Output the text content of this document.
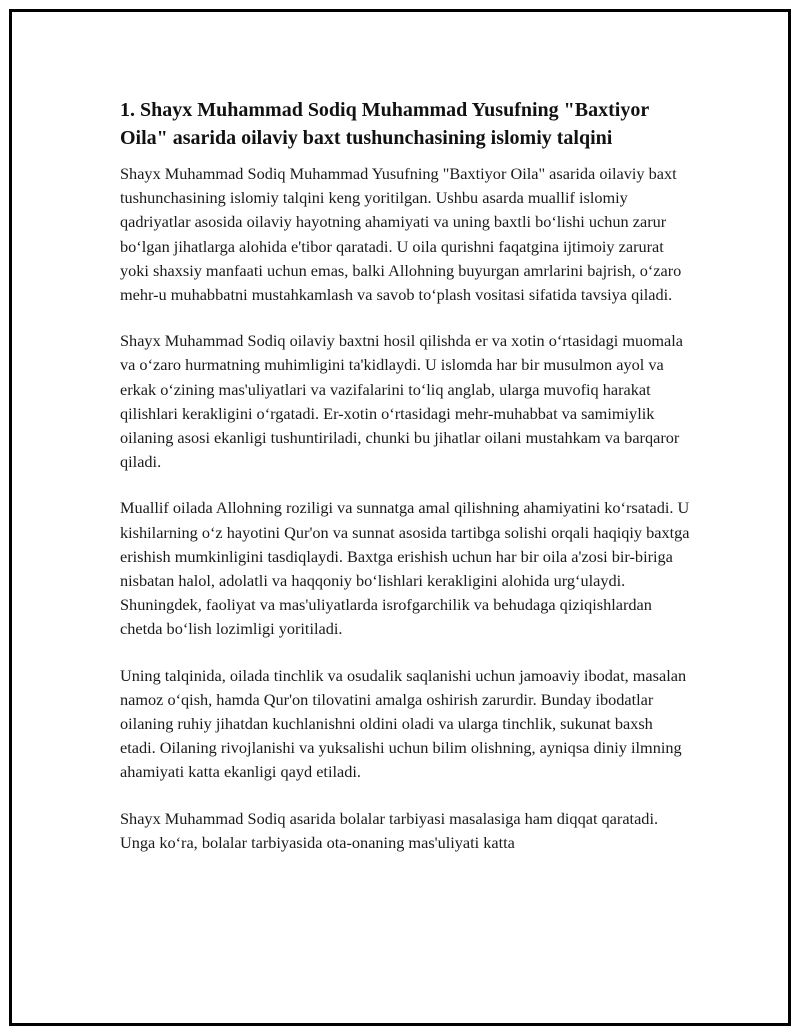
1. Shayx Muhammad Sodiq Muhammad Yusufning "Baxtiyor Oila" asarida oilaviy baxt tushunchasining islomiy talqini

Shayx Muhammad Sodiq Muhammad Yusufning "Baxtiyor Oila" asarida oilaviy baxt tushunchasining islomiy talqini keng yoritilgan. Ushbu asarda muallif islomiy qadriyatlar asosida oilaviy hayotning ahamiyati va uning baxtli bo‘lishi uchun zarur bo‘lgan jihatlarga alohida e'tibor qaratadi. U oila qurishni faqatgina ijtimoiy zarurat yoki shaxsiy manfaati uchun emas, balki Allohning buyurgan amrlarini bajrish, o‘zaro mehr-u muhabbatni mustahkamlash va savob to‘plash vositasi sifatida tavsiya qiladi.

Shayx Muhammad Sodiq oilaviy baxtni hosil qilishda er va xotin o‘rtasidagi muomala va o‘zaro hurmatning muhimligini ta'kidlaydi. U islomda har bir musulmon ayol va erkak o‘zining mas'uliyatlari va vazifalarini to‘liq anglab, ularga muvofiq harakat qilishlari kerakligini o‘rgatadi. Er-xotin o‘rtasidagi mehr-muhabbat va samimiylik oilaning asosi ekanligi tushuntiriladi, chunki bu jihatlar oilani mustahkam va barqaror qiladi.

Muallif oilada Allohning roziligi va sunnatga amal qilishning ahamiyatini ko‘rsatadi. U kishilarning o‘z hayotini Qur'on va sunnat asosida tartibga solishi orqali haqiqiy baxtga erishish mumkinligini tasdiqlaydi. Baxtga erishish uchun har bir oila a'zosi bir-biriga nisbatan halol, adolatli va haqqoniy bo‘lishlari kerakligini alohida urg‘ulaydi. Shuningdek, faoliyat va mas'uliyatlarda isrofgarchilik va behudaga qiziqishlardan chetda bo‘lish lozimligi yoritiladi.

Uning talqinida, oilada tinchlik va osudalik saqlanishi uchun jamoaviy ibodat, masalan namoz o‘qish, hamda Qur'on tilovatini amalga oshirish zarurdir. Bunday ibodatlar oilaning ruhiy jihatdan kuchlanishni oldini oladi va ularga tinchlik, sukunat baxsh etadi. Oilaning rivojlanishi va yuksalishi uchun bilim olishning, ayniqsa diniy ilmning ahamiyati katta ekanligi qayd etiladi.

Shayx Muhammad Sodiq asarida bolalar tarbiyasi masalasiga ham diqqat qaratadi. Unga ko‘ra, bolalar tarbiyasida ota-onaning mas'uliyati katta
